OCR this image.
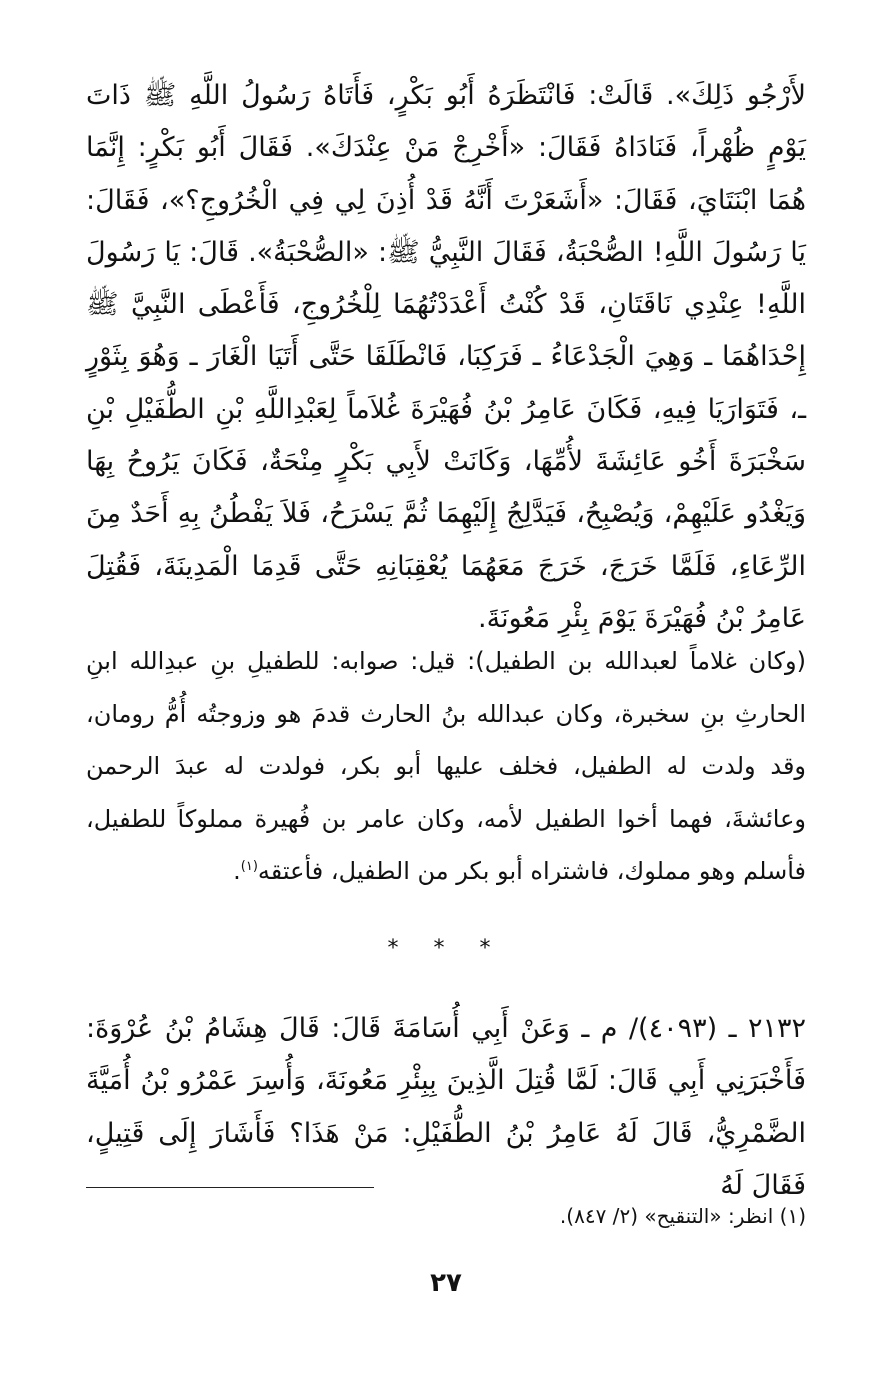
لأَرْجُو ذَلِكَ». قَالَتْ: فَانْتَظَرَهُ أَبُو بَكْرٍ، فَأَتَاهُ رَسُولُ اللَّهِ ﷺ ذَاتَ يَوْمٍ ظُهْراً، فَنَادَاهُ فَقَالَ: «أَخْرِجْ مَنْ عِنْدَكَ». فَقَالَ أَبُو بَكْرٍ: إِنَّمَا هُمَا ابْنَتَايَ، فَقَالَ: «أَشَعَرْتَ أَنَّهُ قَدْ أُذِنَ لِي فِي الْخُرُوجِ؟»، فَقَالَ: يَا رَسُولَ اللَّهِ! الصُّحْبَةُ، فَقَالَ النَّبِيُّ ﷺ: «الصُّحْبَةُ». قَالَ: يَا رَسُولَ اللَّهِ! عِنْدِي نَاقَتَانِ، قَدْ كُنْتُ أَعْدَدْتُهُمَا لِلْخُرُوجِ، فَأَعْطَى النَّبِيَّ ﷺ إِحْدَاهُمَا ـ وَهِيَ الْجَدْعَاءُ ـ فَرَكِبَا، فَانْطَلَقَا حَتَّى أَتَيَا الْغَارَ ـ وَهُوَ بِثَوْرٍ ـ، فَتَوَارَيَا فِيهِ، فَكَانَ عَامِرُ بْنُ فُهَيْرَةَ غُلاَماً لِعَبْدِاللَّهِ بْنِ الطُّفَيْلِ بْنِ سَخْبَرَةَ أَخُو عَائِشَةَ لأُمِّهَا، وَكَانَتْ لأَبِي بَكْرٍ مِنْحَةٌ، فَكَانَ يَرُوحُ بِهَا وَيَغْدُو عَلَيْهِمْ، وَيُصْبِحُ، فَيَدَّلِجُ إِلَيْهِمَا ثُمَّ يَسْرَحُ، فَلاَ يَفْطُنُ بِهِ أَحَدٌ مِنَ الرِّعَاءِ، فَلَمَّا خَرَجَ، خَرَجَ مَعَهُمَا يُعْقِبَانِهِ حَتَّى قَدِمَا الْمَدِينَةَ، فَقُتِلَ عَامِرُ بْنُ فُهَيْرَةَ يَوْمَ بِئْرِ مَعُونَةَ.

(وكان غلاماً لعبدالله بن الطفيل): قيل: صوابه: للطفيلِ بنِ عبدِالله ابنِ الحارثِ بنِ سخبرة، وكان عبدالله بنُ الحارث قدمَ هو وزوجتُه أُمُّ رومان، وقد ولدت له الطفيل، فخلف عليها أبو بكر، فولدت له عبدَ الرحمن وعائشةَ، فهما أخوا الطفيل لأمه، وكان عامر بن فُهيرة مملوكاً للطفيل، فأسلم وهو مملوك، فاشتراه أبو بكر من الطفيل، فأعتقه$^{(١)}$.

* * *

٢١٣٢ ـ (٤٠٩٣)/ م ـ وَعَنْ أَبِي أُسَامَةَ قَالَ: قَالَ هِشَامُ بْنُ عُرْوَةَ: فَأَخْبَرَنِي أَبِي قَالَ: لَمَّا قُتِلَ الَّذِينَ بِبِئْرِ مَعُونَةَ، وَأُسِرَ عَمْرُو بْنُ أُمَيَّةَ الضَّمْرِيُّ، قَالَ لَهُ عَامِرُ بْنُ الطُّفَيْلِ: مَنْ هَذَا؟ فَأَشَارَ إِلَى قَتِيلٍ، فَقَالَ لَهُ

(١) انظر: «التنقيح» (٢/ ٨٤٧).
٢٧
